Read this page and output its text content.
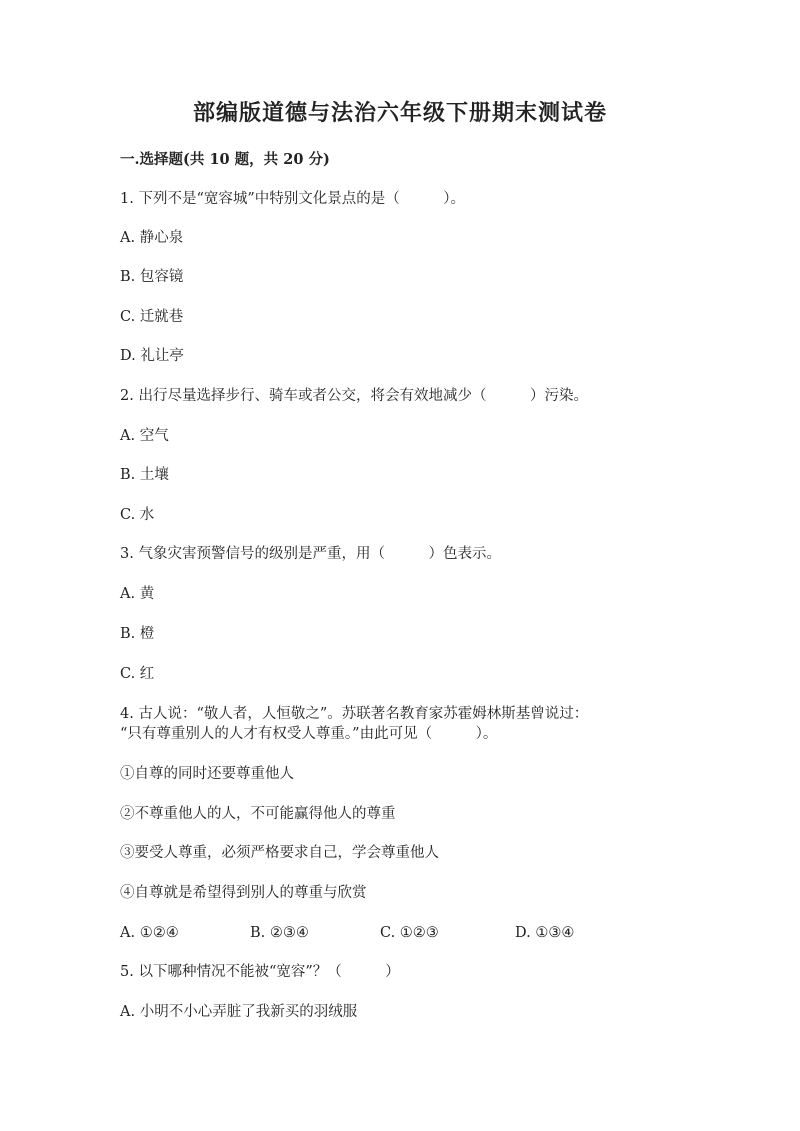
部编版道德与法治六年级下册期末测试卷
一.选择题(共 10 题，共 20 分)
1. 下列不是“宽容城”中特别文化景点的是（　　　）。
A. 静心泉
B. 包容镜
C. 迁就巷
D. 礼让亭
2. 出行尽量选择步行、骑车或者公交，将会有效地减少（　　　）污染。
A. 空气
B. 土壤
C. 水
3. 气象灾害预警信号的级别是严重，用（　　　）色表示。
A. 黄
B. 橙
C. 红
4. 古人说：“敬人者，人恒敬之”。苏联著名教育家苏霍姆林斯基曾说过：
“只有尊重别人的人才有权受人尊重。”由此可见（　　　）。
①自尊的同时还要尊重他人
②不尊重他人的人，不可能赢得他人的尊重
③要受人尊重，必须严格要求自己，学会尊重他人
④自尊就是希望得到别人的尊重与欣赏
A. ①②④	B. ②③④	C. ①②③	D. ①③④
5. 以下哪种情况不能被“宽容”？（　　　）
A. 小明不小心弄脏了我新买的羽绒服
